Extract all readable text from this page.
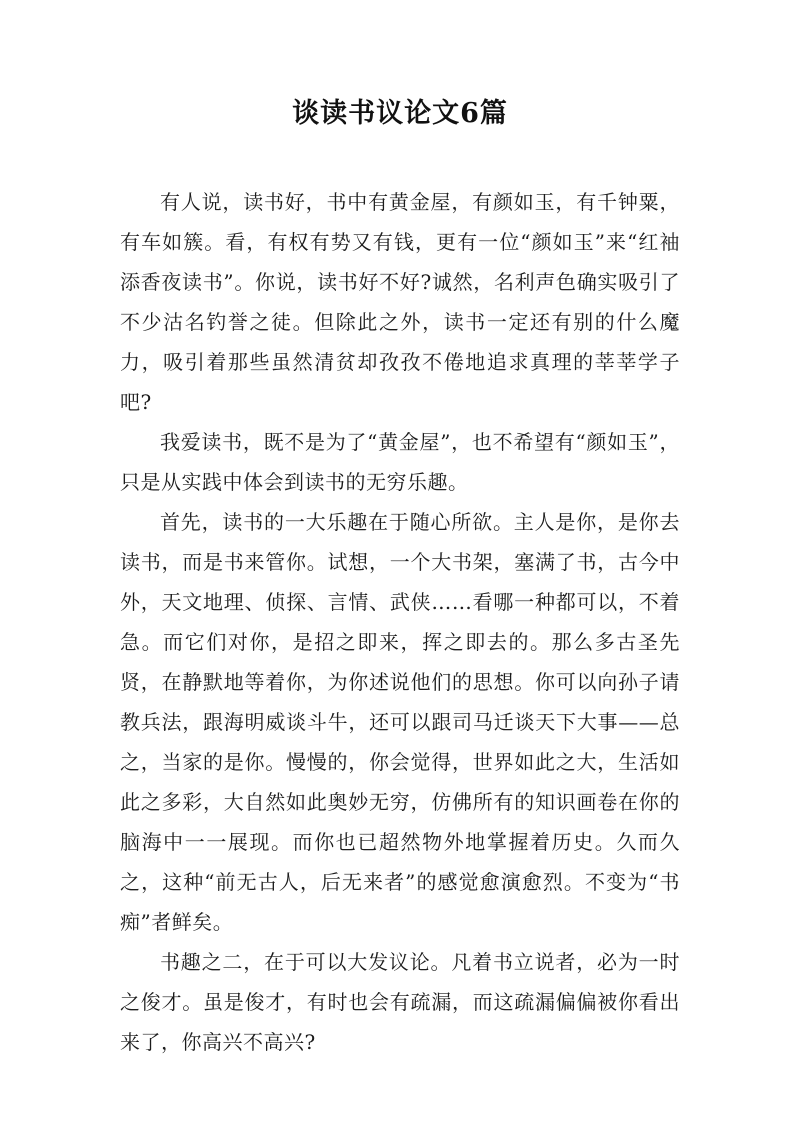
谈读书议论文6篇

有人说，读书好，书中有黄金屋，有颜如玉，有千钟粟，有车如簇。看，有权有势又有钱，更有一位“颜如玉”来“红袖添香夜读书”。你说，读书好不好?诚然，名利声色确实吸引了不少沽名钓誉之徒。但除此之外，读书一定还有别的什么魔力，吸引着那些虽然清贫却孜孜不倦地追求真理的莘莘学子吧?

我爱读书，既不是为了“黄金屋”，也不希望有“颜如玉”，只是从实践中体会到读书的无穷乐趣。

首先，读书的一大乐趣在于随心所欲。主人是你，是你去读书，而是书来管你。试想，一个大书架，塞满了书，古今中外，天文地理、侦探、言情、武侠……看哪一种都可以，不着急。而它们对你，是招之即来，挥之即去的。那么多古圣先贤，在静默地等着你，为你述说他们的思想。你可以向孙子请教兵法，跟海明威谈斗牛，还可以跟司马迁谈天下大事——总之，当家的是你。慢慢的，你会觉得，世界如此之大，生活如此之多彩，大自然如此奥妙无穷，仿佛所有的知识画卷在你的脑海中一一展现。而你也已超然物外地掌握着历史。久而久之，这种“前无古人，后无来者”的感觉愈演愈烈。不变为“书痴”者鲜矣。

书趣之二，在于可以大发议论。凡着书立说者，必为一时之俊才。虽是俊才，有时也会有疏漏，而这疏漏偏偏被你看出来了，你高兴不高兴?
